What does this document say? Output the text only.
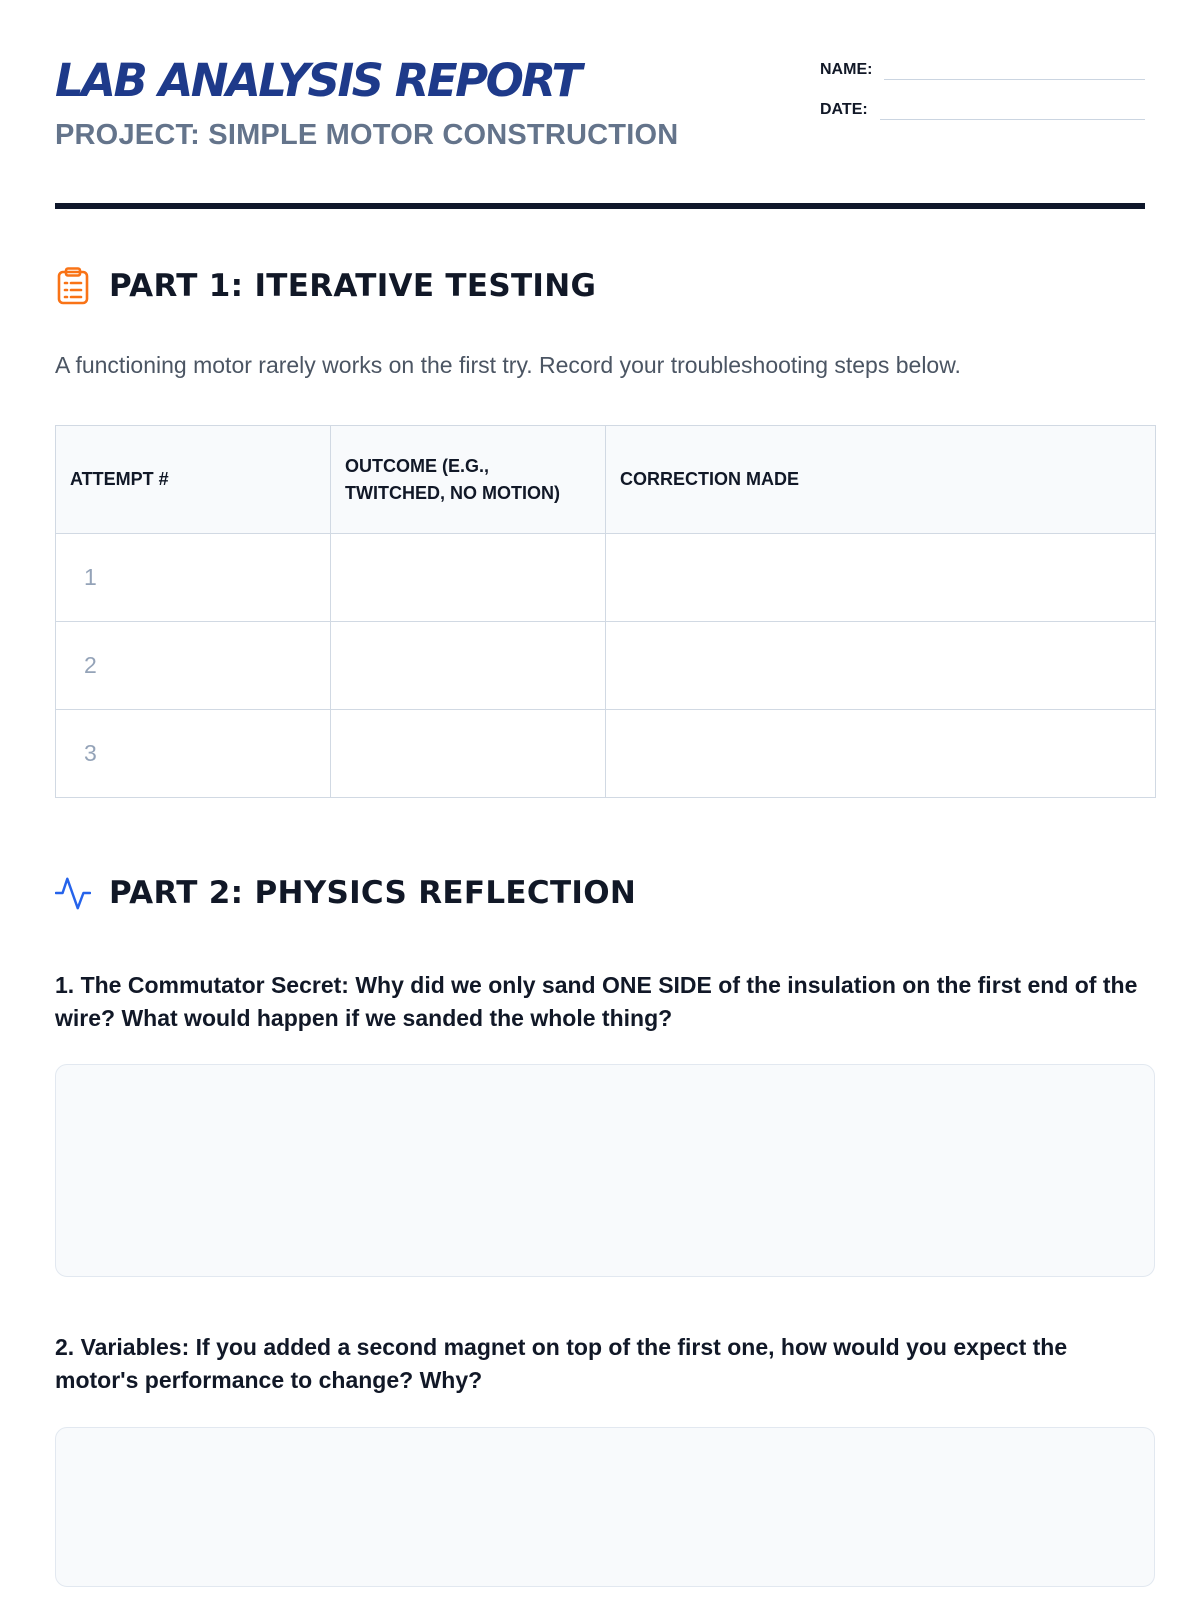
LAB ANALYSIS REPORT
PROJECT: SIMPLE MOTOR CONSTRUCTION
NAME:
DATE:
PART 1: ITERATIVE TESTING

A functioning motor rarely works on the first try. Record your troubleshooting steps below.

ATTEMPT #	OUTCOME (E.G., TWITCHED, NO MOTION)	CORRECTION MADE
1		
2		
3		
PART 2: PHYSICS REFLECTION

1. The Commutator Secret: Why did we only sand ONE SIDE of the insulation on the first end of the wire? What would happen if we sanded the whole thing?

2. Variables: If you added a second magnet on top of the first one, how would you expect the motor's performance to change? Why?
